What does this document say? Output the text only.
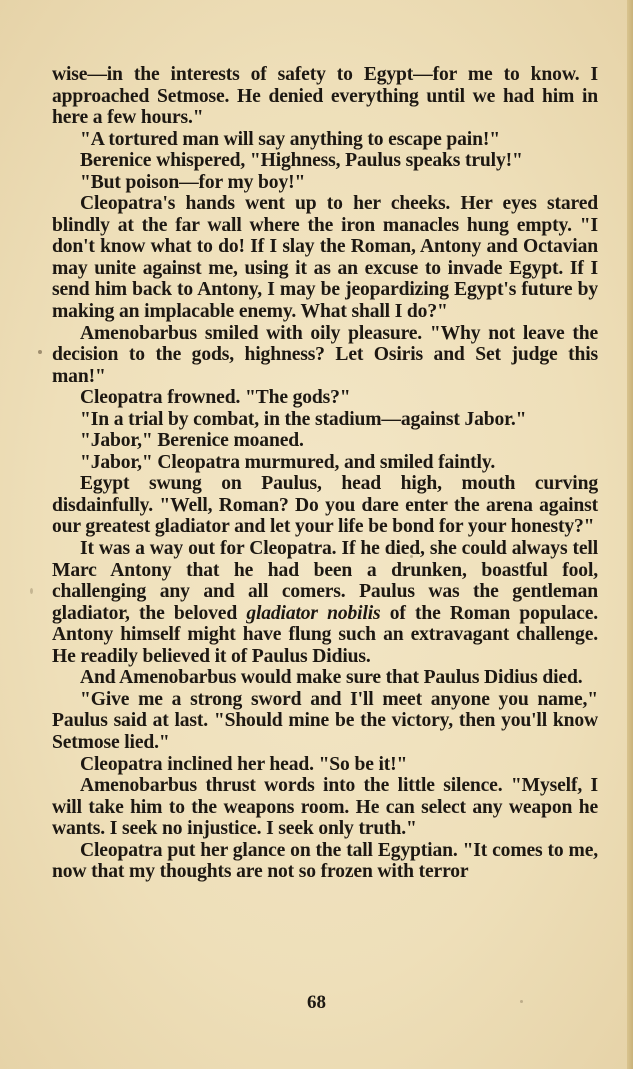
wise—in the interests of safety to Egypt—for me to know. I approached Setmose. He denied everything until we had him in here a few hours."

"A tortured man will say anything to escape pain!"

Berenice whispered, "Highness, Paulus speaks truly!"

"But poison—for my boy!"

Cleopatra's hands went up to her cheeks. Her eyes stared blindly at the far wall where the iron manacles hung empty. "I don't know what to do! If I slay the Roman, Antony and Octavian may unite against me, using it as an excuse to invade Egypt. If I send him back to Antony, I may be jeopardizing Egypt's future by making an implacable enemy. What shall I do?"

Amenobarbus smiled with oily pleasure. "Why not leave the decision to the gods, highness? Let Osiris and Set judge this man!"

Cleopatra frowned. "The gods?"

"In a trial by combat, in the stadium—against Jabor."

"Jabor," Berenice moaned.

"Jabor," Cleopatra murmured, and smiled faintly.

Egypt swung on Paulus, head high, mouth curving disdainfully. "Well, Roman? Do you dare enter the arena against our greatest gladiator and let your life be bond for your honesty?"

It was a way out for Cleopatra. If he died, she could always tell Marc Antony that he had been a drunken, boastful fool, challenging any and all comers. Paulus was the gentleman gladiator, the beloved gladiator nobilis of the Roman populace. Antony himself might have flung such an extravagant challenge. He readily believed it of Paulus Didius.

And Amenobarbus would make sure that Paulus Didius died.

"Give me a strong sword and I'll meet anyone you name," Paulus said at last. "Should mine be the victory, then you'll know Setmose lied."

Cleopatra inclined her head. "So be it!"

Amenobarbus thrust words into the little silence. "Myself, I will take him to the weapons room. He can select any weapon he wants. I seek no injustice. I seek only truth."

Cleopatra put her glance on the tall Egyptian. "It comes to me, now that my thoughts are not so frozen with terror

68
